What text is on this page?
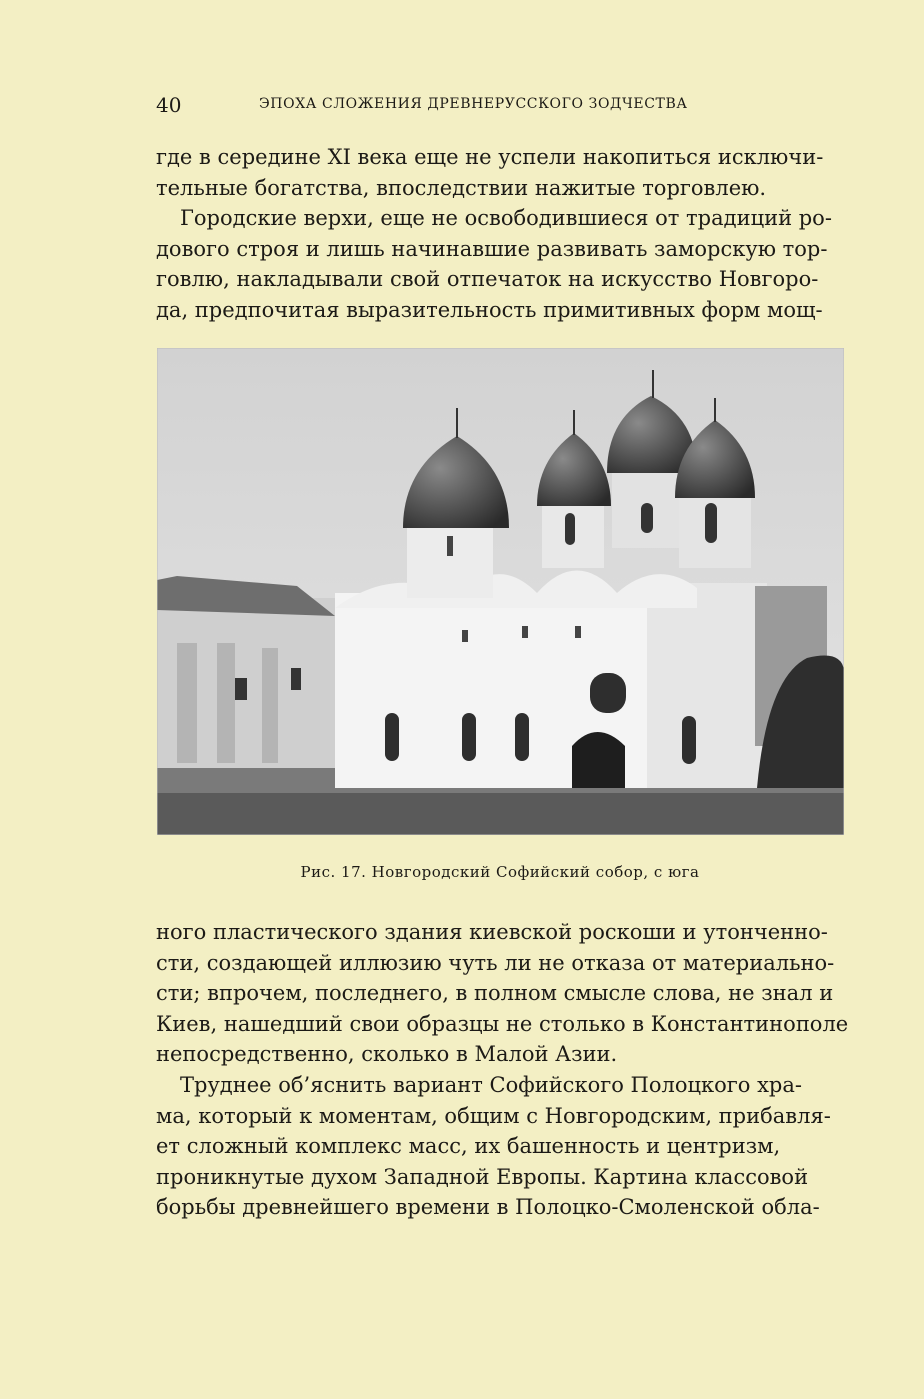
40	ЭПОХА СЛОЖЕНИЯ ДРЕВНЕРУССКОГО ЗОДЧЕСТВА
где в середине XI века еще не успели накопиться исключи-
тельные богатства, впоследствии нажитые торговлею.
Городские верхи, еще не освободившиеся от традиций ро-
дового строя и лишь начинавшие развивать заморскую тор-
говлю, накладывали свой отпечаток на искусство Новгоро-
да, предпочитая выразительность примитивных форм мощ-
Рис. 17. Новгородский Софийский собор, с юга
ного пластического здания киевской роскоши и утонченно-
сти, создающей иллюзию чуть ли не отказа от материально-
сти; впрочем, последнего, в полном смысле слова, не знал и
Киев, нашедший свои образцы не столько в Константинополе
непосредственно, сколько в Малой Азии.
Труднее об’яснить вариант Софийского Полоцкого хра-
ма, который к моментам, общим с Новгородским, прибавля-
ет сложный комплекс масс, их башенность и центризм,
проникнутые духом Западной Европы. Картина классовой
борьбы древнейшего времени в Полоцко-Смоленской обла-
